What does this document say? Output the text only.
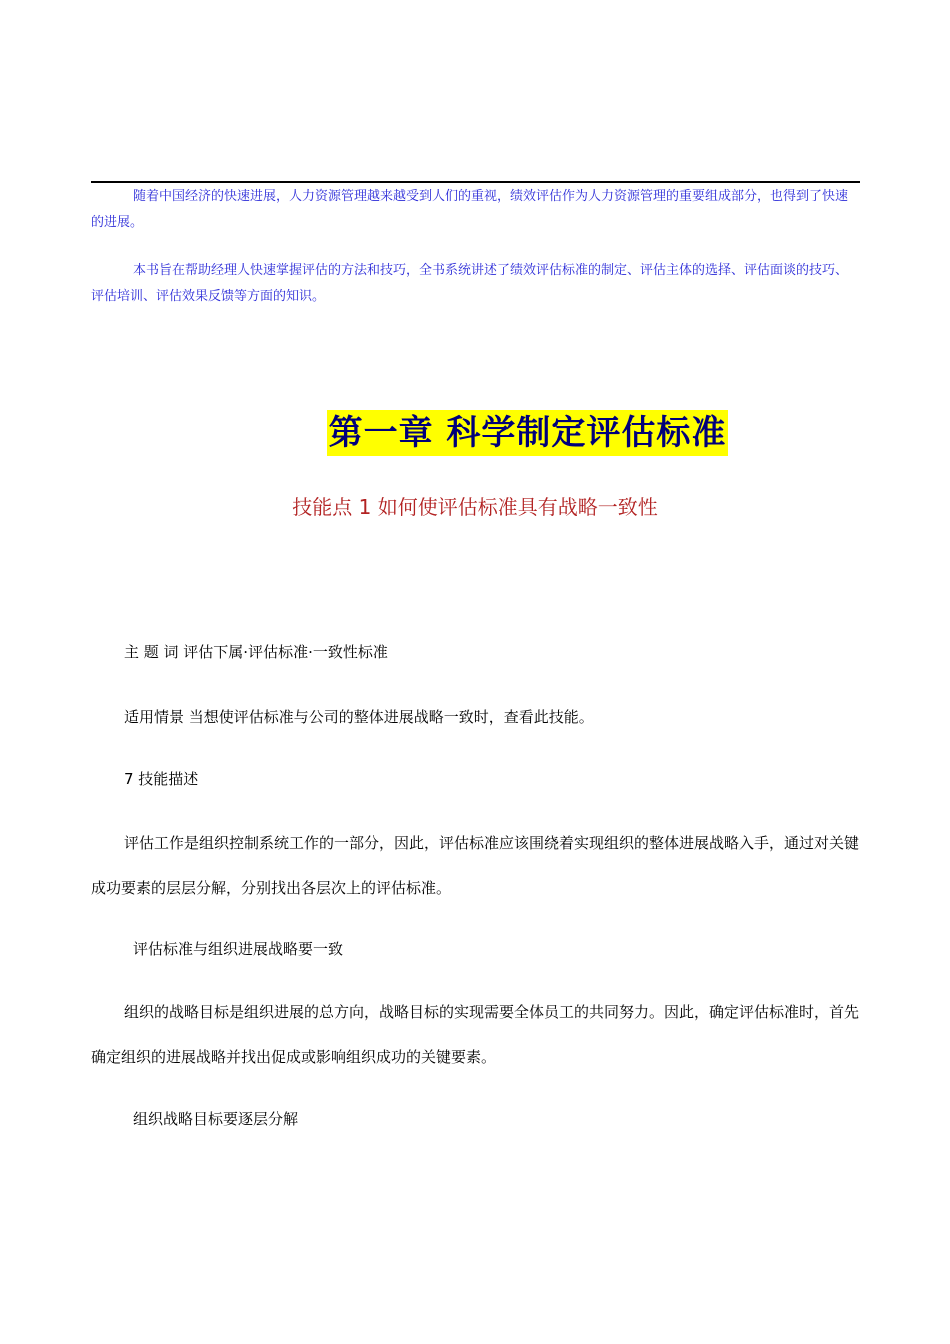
随着中国经济的快速进展，人力资源管理越来越受到人们的重视，绩效评估作为人力资源管理的重要组成部分，也得到了快速的进展。

本书旨在帮助经理人快速掌握评估的方法和技巧，全书系统讲述了绩效评估标准的制定、评估主体的选择、评估面谈的技巧、评估培训、评估效果反馈等方面的知识。

第一章 科学制定评估标准
技能点 1 如何使评估标准具有战略一致性

主 题 词 评估下属·评估标准·一致性标准

适用情景 当想使评估标准与公司的整体进展战略一致时，查看此技能。

7 技能描述

评估工作是组织控制系统工作的一部分，因此，评估标准应该围绕着实现组织的整体进展战略入手，通过对关键成功要素的层层分解，分别找出各层次上的评估标准。

评估标准与组织进展战略要一致

组织的战略目标是组织进展的总方向，战略目标的实现需要全体员工的共同努力。因此，确定评估标准时，首先确定组织的进展战略并找出促成或影响组织成功的关键要素。

组织战略目标要逐层分解
